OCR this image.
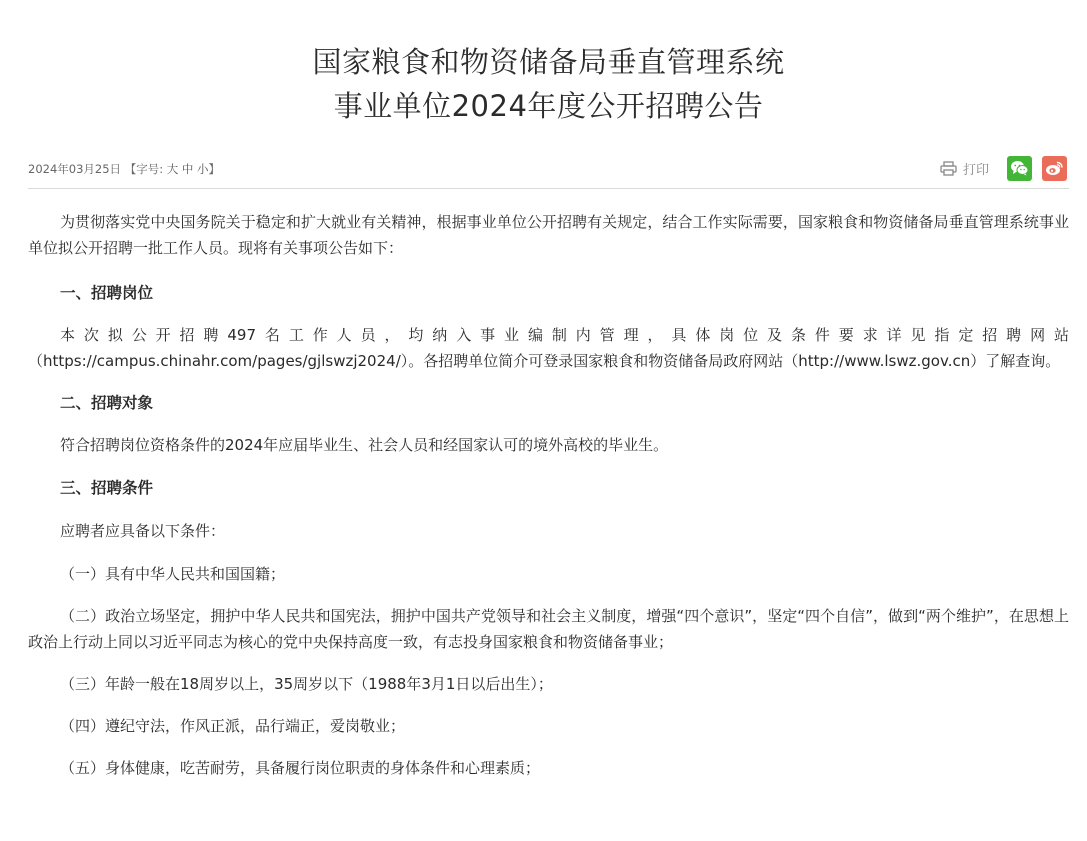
国家粮食和物资储备局垂直管理系统
事业单位2024年度公开招聘公告
2024年03月25日 【字号: 大 中 小】	打印

为贯彻落实党中央国务院关于稳定和扩大就业有关精神，根据事业单位公开招聘有关规定，结合工作实际需要，国家粮食和物资储备局垂直管理系统事业单位拟公开招聘一批工作人员。现将有关事项公告如下：

一、招聘岗位

本次拟公开招聘497名工作人员，均纳入事业编制内管理，具体岗位及条件要求详见指定招聘网站

（https://campus.chinahr.com/pages/gjlswzj2024/）。各招聘单位简介可登录国家粮食和物资储备局政府网站（http://www.lswz.gov.cn）了解查询。

二、招聘对象

符合招聘岗位资格条件的2024年应届毕业生、社会人员和经国家认可的境外高校的毕业生。

三、招聘条件

应聘者应具备以下条件：

（一）具有中华人民共和国国籍；

（二）政治立场坚定，拥护中华人民共和国宪法，拥护中国共产党领导和社会主义制度，增强“四个意识”，坚定“四个自信”，做到“两个维护”，在思想上政治上行动上同以习近平同志为核心的党中央保持高度一致，有志投身国家粮食和物资储备事业；

（三）年龄一般在18周岁以上，35周岁以下（1988年3月1日以后出生）；

（四）遵纪守法，作风正派，品行端正，爱岗敬业；

（五）身体健康，吃苦耐劳，具备履行岗位职责的身体条件和心理素质；
